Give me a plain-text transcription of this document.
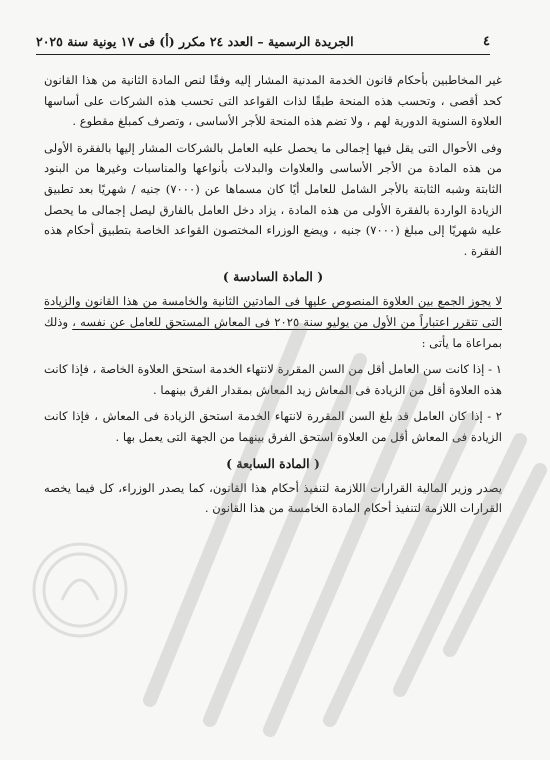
٤
الجريدة الرسمية – العدد ٢٤ مكرر (أ) فى ١٧ يونية سنة ٢٠٢٥

غير المخاطبين بأحكام قانون الخدمة المدنية المشار إليه وفقًا لنص المادة الثانية من هذا القانون كحد أقصى ، وتحسب هذه المنحة طبقًا لذات القواعد التى تحسب هذه الشركات على أساسها العلاوة السنوية الدورية لهم ، ولا تضم هذه المنحة للأجر الأساسى ، وتصرف كمبلغ مقطوع .

وفى الأحوال التى يقل فيها إجمالى ما يحصل عليه العامل بالشركات المشار إليها بالفقرة الأولى من هذه المادة من الأجر الأساسى والعلاوات والبدلات بأنواعها والمناسبات وغيرها من البنود الثابتة وشبه الثابتة بالأجر الشامل للعامل أيًا كان مسماها عن (٧٠٠٠) جنيه / شهريًا بعد تطبيق الزيادة الواردة بالفقرة الأولى من هذه المادة ، يزاد دخل العامل بالفارق ليصل إجمالى ما يحصل عليه شهريًا إلى مبلغ (٧٠٠٠) جنيه ، ويضع الوزراء المختصون القواعد الخاصة بتطبيق أحكام هذه الفقرة .

( المادة السادسة )

لا يجوز الجمع بين العلاوة المنصوص عليها فى المادتين الثانية والخامسة من هذا القانون والزيادة التى تتقرر اعتباراً من الأول من يوليو سنة ٢٠٢٥ فى المعاش المستحق للعامل عن نفسه ، وذلك بمراعاة ما يأتى :

١ - إذا كانت سن العامل أقل من السن المقررة لانتهاء الخدمة استحق العلاوة الخاصة ، فإذا كانت هذه العلاوة أقل من الزيادة فى المعاش زيد المعاش بمقدار الفرق بينهما .

٢ - إذا كان العامل قد بلغ السن المقررة لانتهاء الخدمة استحق الزيادة فى المعاش ، فإذا كانت الزيادة فى المعاش أقل من العلاوة استحق الفرق بينهما من الجهة التى يعمل بها .

( المادة السابعة )

يصدر وزير المالية القرارات اللازمة لتنفيذ أحكام هذا القانون، كما يصدر الوزراء، كل فيما يخصه القرارات اللازمة لتنفيذ أحكام المادة الخامسة من هذا القانون .
